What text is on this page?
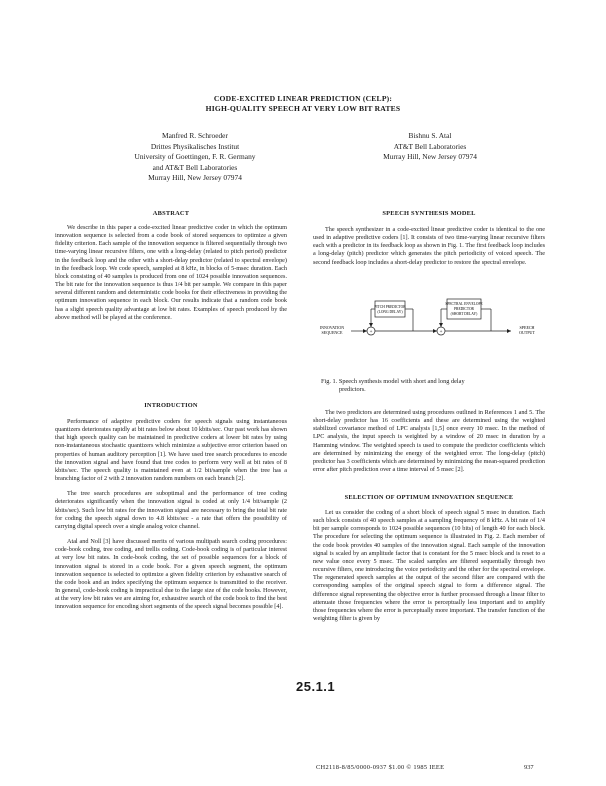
CODE-EXCITED LINEAR PREDICTION (CELP):
HIGH-QUALITY SPEECH AT VERY LOW BIT RATES
Manfred R. Schroeder
Drittes Physikalisches Institut
University of Goettingen, F. R. Germany
and AT&T Bell Laboratories
Murray Hill, New Jersey 07974
Bishnu S. Atal
AT&T Bell Laboratories
Murray Hill, New Jersey 07974
ABSTRACT

We describe in this paper a code-excited linear predictive coder in which the optimum innovation sequence is selected from a code book of stored sequences to optimize a given fidelity criterion. Each sample of the innovation sequence is filtered sequentially through two time-varying linear recursive filters, one with a long-delay (related to pitch period) predictor in the feedback loop and the other with a short-delay predictor (related to spectral envelope) in the feedback loop. We code speech, sampled at 8 kHz, in blocks of 5-msec duration. Each block consisting of 40 samples is produced from one of 1024 possible innovation sequences. The bit rate for the innovation sequence is thus 1/4 bit per sample. We compare in this paper several different random and deterministic code books for their effectiveness in providing the optimum innovation sequence in each block. Our results indicate that a random code book has a slight speech quality advantage at low bit rates. Examples of speech produced by the above method will be played at the conference.

INTRODUCTION

Performance of adaptive predictive coders for speech signals using instantaneous quantizers deteriorates rapidly at bit rates below about 10 kbits/sec. Our past work has shown that high speech quality can be maintained in predictive coders at lower bit rates by using non-instantaneous stochastic quantizers which minimize a subjective error criterion based on properties of human auditory perception [1]. We have used tree search procedures to encode the innovation signal and have found that tree codes to perform very well at bit rates of 8 kbits/sec. The speech quality is maintained even at 1/2 bit/sample when the tree has a branching factor of 2 with 2 innovation random numbers on each branch [2].

The tree search procedures are suboptimal and the performance of tree coding deteriorates significantly when the innovation signal is coded at only 1/4 bit/sample (2 kbits/sec). Such low bit rates for the innovation signal are necessary to bring the total bit rate for coding the speech signal down to 4.8 kbits/sec - a rate that offers the possibility of carrying digital speech over a single analog voice channel.

Atal and Noll [3] have discussed merits of various multipath search coding procedures: code-book coding, tree coding, and trellis coding. Code-book coding is of particular interest at very low bit rates. In code-book coding, the set of possible sequences for a block of innovation signal is stored in a code book. For a given speech segment, the optimum innovation sequence is selected to optimize a given fidelity criterion by exhaustive search of the code book and an index specifying the optimum sequence is transmitted to the receiver. In general, code-book coding is impractical due to the large size of the code books. However, at the very low bit rates we are aiming for, exhaustive search of the code book to find the best innovation sequence for encoding short segments of the speech signal becomes possible [4].

SPEECH SYNTHESIS MODEL

The speech synthesizer in a code-excited linear predictive coder is identical to the one used in adaptive predictive coders [1]. It consists of two time-varying linear recursive filters each with a predictor in its feedback loop as shown in Fig. 1. The first feedback loop includes a long-delay (pitch) predictor which generates the pitch periodicity of voiced speech. The second feedback loop includes a short-delay predictor to restore the spectral envelope.

INNOVATION
SEQUENCE
SPEECH
OUTPUT
PITCH PREDICTOR
(LONG DELAY)
SPECTRAL ENVELOPE
PREDICTOR
(SHORT DELAY)
+	+
Fig. 1. Speech synthesis model with short and long delay
predictors.

The two predictors are determined using procedures outlined in References 1 and 5. The short-delay predictor has 16 coefficients and these are determined using the weighted stabilized covariance method of LPC analysis [1,5] once every 10 msec. In the method of LPC analysis, the input speech is weighted by a window of 20 msec in duration by a Hamming window. The weighted speech is used to compute the predictor coefficients which are determined by minimizing the energy of the weighted error. The long-delay (pitch) predictor has 3 coefficients which are determined by minimizing the mean-squared prediction error after pitch prediction over a time interval of 5 msec [2].

SELECTION OF OPTIMUM INNOVATION SEQUENCE

Let us consider the coding of a short block of speech signal 5 msec in duration. Each such block consists of 40 speech samples at a sampling frequency of 8 kHz. A bit rate of 1/4 bit per sample corresponds to 1024 possible sequences (10 bits) of length 40 for each block. The procedure for selecting the optimum sequence is illustrated in Fig. 2. Each member of the code book provides 40 samples of the innovation signal. Each sample of the innovation signal is scaled by an amplitude factor that is constant for the 5 msec block and is reset to a new value once every 5 msec. The scaled samples are filtered sequentially through two recursive filters, one introducing the voice periodicity and the other for the spectral envelope. The regenerated speech samples at the output of the second filter are compared with the corresponding samples of the original speech signal to form a difference signal. The difference signal representing the objective error is further processed through a linear filter to attenuate those frequencies where the error is perceptually less important and to amplify those frequencies where the error is perceptually more important. The transfer function of the weighting filter is given by

25.1.1
CH2118-8/85/0000-0937 $1.00 © 1985 IEEE	937
